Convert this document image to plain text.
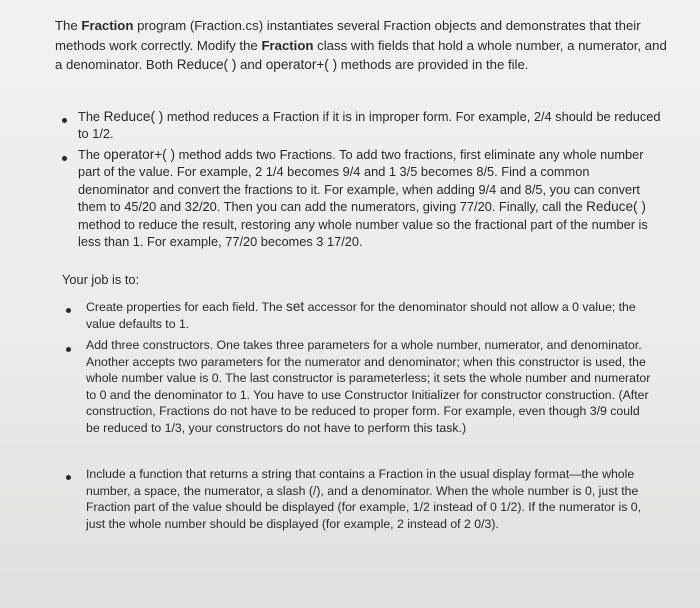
The Fraction program (Fraction.cs) instantiates several Fraction objects and demonstrates that their methods work correctly. Modify the Fraction class with fields that hold a whole number, a numerator, and a denominator. Both Reduce( ) and operator+( ) methods are provided in the file.
The Reduce( ) method reduces a Fraction if it is in improper form. For example, 2/4 should be reduced to 1/2.
The operator+( ) method adds two Fractions. To add two fractions, first eliminate any whole number part of the value. For example, 2 1/4 becomes 9/4 and 1 3/5 becomes 8/5. Find a common denominator and convert the fractions to it. For example, when adding 9/4 and 8/5, you can convert them to 45/20 and 32/20. Then you can add the numerators, giving 77/20. Finally, call the Reduce( ) method to reduce the result, restoring any whole number value so the fractional part of the number is less than 1. For example, 77/20 becomes 3 17/20.
Your job is to:
Create properties for each field. The set accessor for the denominator should not allow a 0 value; the value defaults to 1.
Add three constructors. One takes three parameters for a whole number, numerator, and denominator. Another accepts two parameters for the numerator and denominator; when this constructor is used, the whole number value is 0. The last constructor is parameterless; it sets the whole number and numerator to 0 and the denominator to 1. You have to use Constructor Initializer for constructor construction. (After construction, Fractions do not have to be reduced to proper form. For example, even though 3/9 could be reduced to 1/3, your constructors do not have to perform this task.)
Include a function that returns a string that contains a Fraction in the usual display format—the whole number, a space, the numerator, a slash (/), and a denominator. When the whole number is 0, just the Fraction part of the value should be displayed (for example, 1/2 instead of 0 1/2). If the numerator is 0, just the whole number should be displayed (for example, 2 instead of 2 0/3).
